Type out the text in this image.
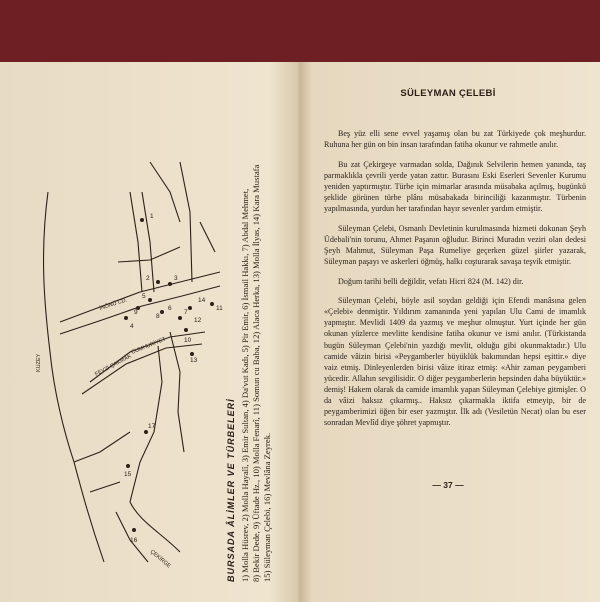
1
2	3
4
5
6
7
8
9
10
11
12
13
14
15
16
17
KUZEY
İNÖNÜ CD.
FEVZİ ÇAKMAK
CUMHURİYET
ÇEKİRGE	BURSADA ÂLİMLER VE TÜRBELERİ 1) Molla Hüsrev, 2) Molla Hayalî, 3) Emir Sultan, 4) Da'vut Kadı, 5) Pir Emir, 6) İsmail Hakkı, 7) Abdal Mehmet, 8) Bekir Dede, 9) Üftade Hz., 10) Molla Fenarî, 11) Somun cu Baba, 12) Alaca Herka, 13) Molla İlyas, 14) Kara Mustafa 15) Süleyman Çelebi, 16) Mevlâna Zeyrek.
SÜLEYMAN ÇELEBİ

Beş yüz elli sene evvel yaşamış olan bu zat Türkiyede çok meşhurdur. Ruhuna her gün on bin insan tarafından fatiha okunur ve rahmetle anılır.

Bu zat Çekirgeye varmadan solda, Dağınık Selvilerin hemen yanında, taş parmaklıkla çevrili yerde yatan zattır. Burasını Eski Eserleri Sevenler Kurumu yeniden yaptırmıştır. Türbe için mimarlar arasında müsabaka açılmış, bugünkü şeklide görünen türbe plânı müsabakada birinciliği kazanmıştır. Türbenin yapılmasında, yurdun her tarafından hayır sevenler yardım etmiştir.

Süleyman Çelebi, Osmanlı Devletinin kurulmasında hizmeti dokunan Şeyh Üdebali'nin torunu, Ahmet Paşanın oğludur. Birinci Muradın veziri olan dedesi Şeyh Mahmut, Süleyman Paşa Rumeliye geçerken güzel şiirler yazarak, Süleyman paşayı ve askerleri öğmüş, halkı coşturarak savaşa teşvik etmiştir.

Doğum tarihi belli değildir, vefatı Hicri 824 (M. 142) dir.

Süleyman Çelebi, böyle asil soydan geldiği için Efendi manâsına gelen «Çelebi» denmiştir. Yıldırım zamanında yeni yapılan Ulu Cami de imamlık yapmıştır. Mevlidi 1409 da yazmış ve meşhur olmuştur. Yurt içinde her gün okunan yüzlerce mevlitte kendisine fatiha okunur ve ismi anılır. (Türkistanda bugün Süleyman Çelebi'nin yazdığı mevlit, olduğu gibi okunmaktadır.) Ulu camide vâizin birisi «Peygamberler büyüklük bakımından hepsi eşittir.» diye vaiz etmiş. Dinleyenlerden birisi vâize itiraz etmiş: «Ahir zaman peygamberi yücedir. Allahın sevgilisidir. O diğer peygamberlerin hepsinden daha büyüktür.» demiş! Hakem olarak da camide imamlık yapan Süleyman Çelebiye gitmişler. O da vâizi haksız çıkarmış.. Haksız çıkarmakla iktifa etmeyip, bir de peygamberimizi öğen bir eser yazmıştır. İlk adı (Vesiletün Necat) olan bu eser sonradan Mevlîd diye şöhret yapmıştır.

— 37 —
